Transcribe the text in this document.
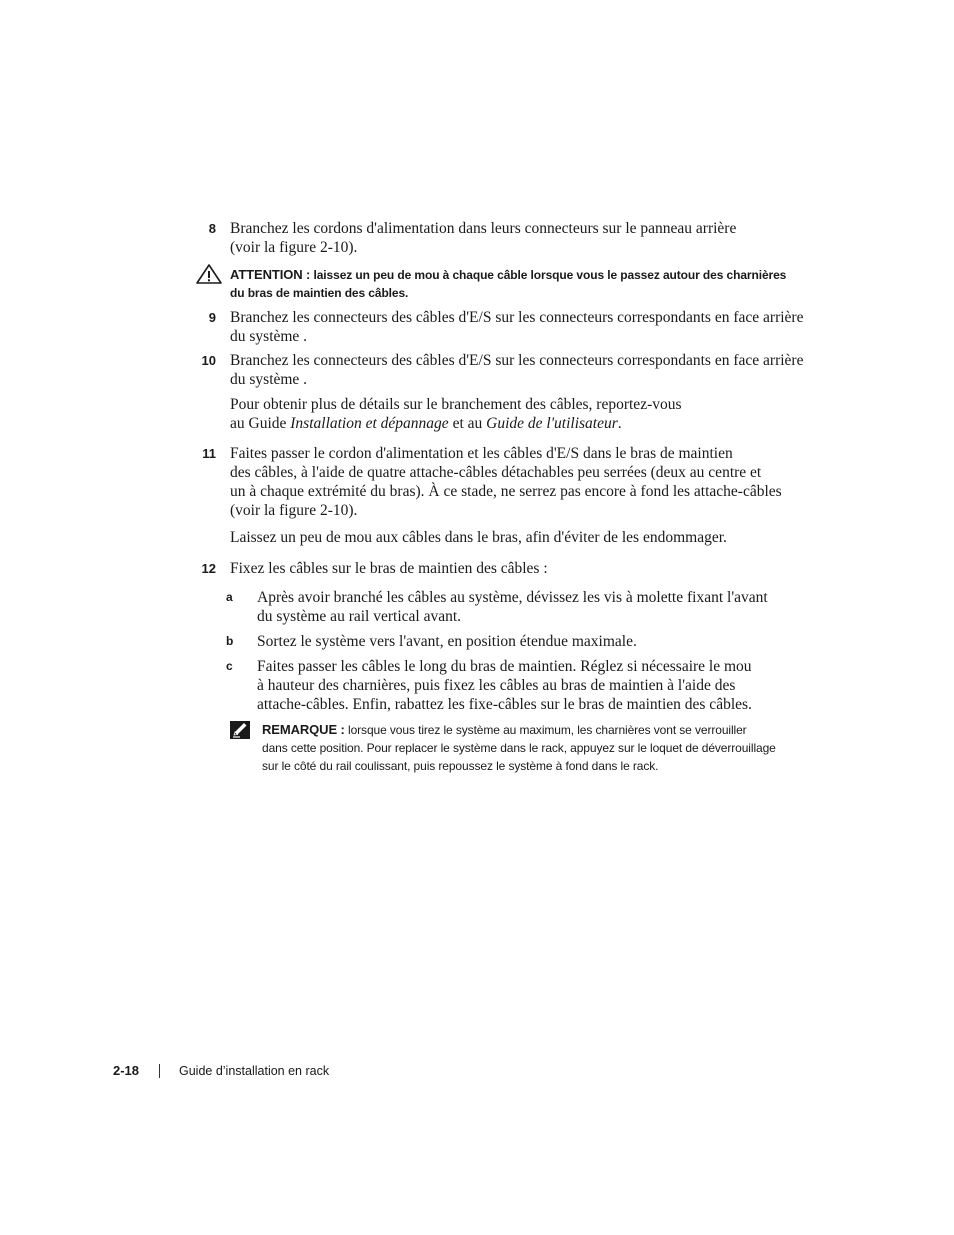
8 Branchez les cordons d'alimentation dans leurs connecteurs sur le panneau arrière
(voir la figure 2-10).
ATTENTION : laissez un peu de mou à chaque câble lorsque vous le passez autour des charnières
du bras de maintien des câbles.
9 Branchez les connecteurs des câbles d'E/S sur les connecteurs correspondants en face arrière
du système .
10 Branchez les connecteurs des câbles d'E/S sur les connecteurs correspondants en face arrière
du système .
Pour obtenir plus de détails sur le branchement des câbles, reportez-vous
au Guide Installation et dépannage et au Guide de l'utilisateur.
11 Faites passer le cordon d'alimentation et les câbles d'E/S dans le bras de maintien
des câbles, à l'aide de quatre attache-câbles détachables peu serrées (deux au centre et
un à chaque extrémité du bras). À ce stade, ne serrez pas encore à fond les attache-câbles
(voir la figure 2-10).
Laissez un peu de mou aux câbles dans le bras, afin d'éviter de les endommager.
12 Fixez les câbles sur le bras de maintien des câbles :
a	Après avoir branché les câbles au système, dévissez les vis à molette fixant l'avant
du système au rail vertical avant.
b	Sortez le système vers l'avant, en position étendue maximale.
c	Faites passer les câbles le long du bras de maintien. Réglez si nécessaire le mou
à hauteur des charnières, puis fixez les câbles au bras de maintien à l'aide des
attache-câbles. Enfin, rabattez les fixe-câbles sur le bras de maintien des câbles.
REMARQUE : lorsque vous tirez le système au maximum, les charnières vont se verrouiller
dans cette position. Pour replacer le système dans le rack, appuyez sur le loquet de déverrouillage
sur le côté du rail coulissant, puis repoussez le système à fond dans le rack.
2-18	Guide d’installation en rack
